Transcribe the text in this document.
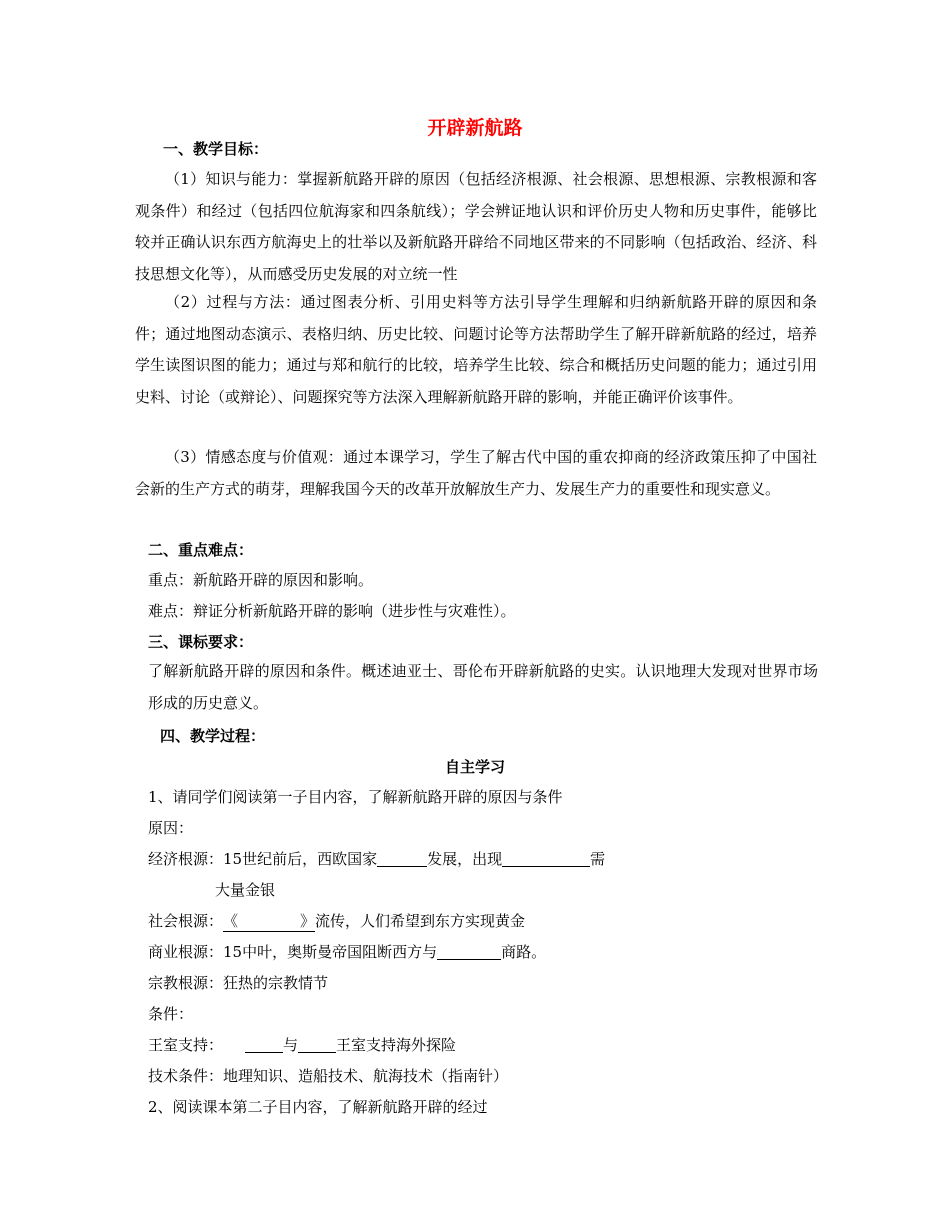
开辟新航路
一、教学目标：
（1）知识与能力：掌握新航路开辟的原因（包括经济根源、社会根源、思想根源、宗教根源和客观条件）和经过（包括四位航海家和四条航线）；学会辨证地认识和评价历史人物和历史事件，能够比较并正确认识东西方航海史上的壮举以及新航路开辟给不同地区带来的不同影响（包括政治、经济、科技思想文化等），从而感受历史发展的对立统一性
（2）过程与方法：通过图表分析、引用史料等方法引导学生理解和归纳新航路开辟的原因和条件；通过地图动态演示、表格归纳、历史比较、问题讨论等方法帮助学生了解开辟新航路的经过，培养学生读图识图的能力；通过与郑和航行的比较，培养学生比较、综合和概括历史问题的能力；通过引用史料、讨论（或辩论）、问题探究等方法深入理解新航路开辟的影响，并能正确评价该事件。
（3）情感态度与价值观：通过本课学习，学生了解古代中国的重农抑商的经济政策压抑了中国社会新的生产方式的萌芽，理解我国今天的改革开放解放生产力、发展生产力的重要性和现实意义。
二、重点难点：
重点：新航路开辟的原因和影响。
难点：辩证分析新航路开辟的影响（进步性与灾难性）。
三、课标要求：
了解新航路开辟的原因和条件。概述迪亚士、哥伦布开辟新航路的史实。认识地理大发现对世界市场形成的历史意义。
四、教学过程：
自主学习
1、请同学们阅读第一子目内容，了解新航路开辟的原因与条件
原因：
经济根源：15世纪前后，西欧国家	发展，出现	需
大量金银
社会根源：《	》流传，人们希望到东方实现黄金
商业根源：15中叶，奥斯曼帝国阻断西方与	商路。
宗教根源：狂热的宗教情节
条件：
王室支持：	与	王室支持海外探险
技术条件：地理知识、造船技术、航海技术（指南针）
2、阅读课本第二子目内容，了解新航路开辟的经过
